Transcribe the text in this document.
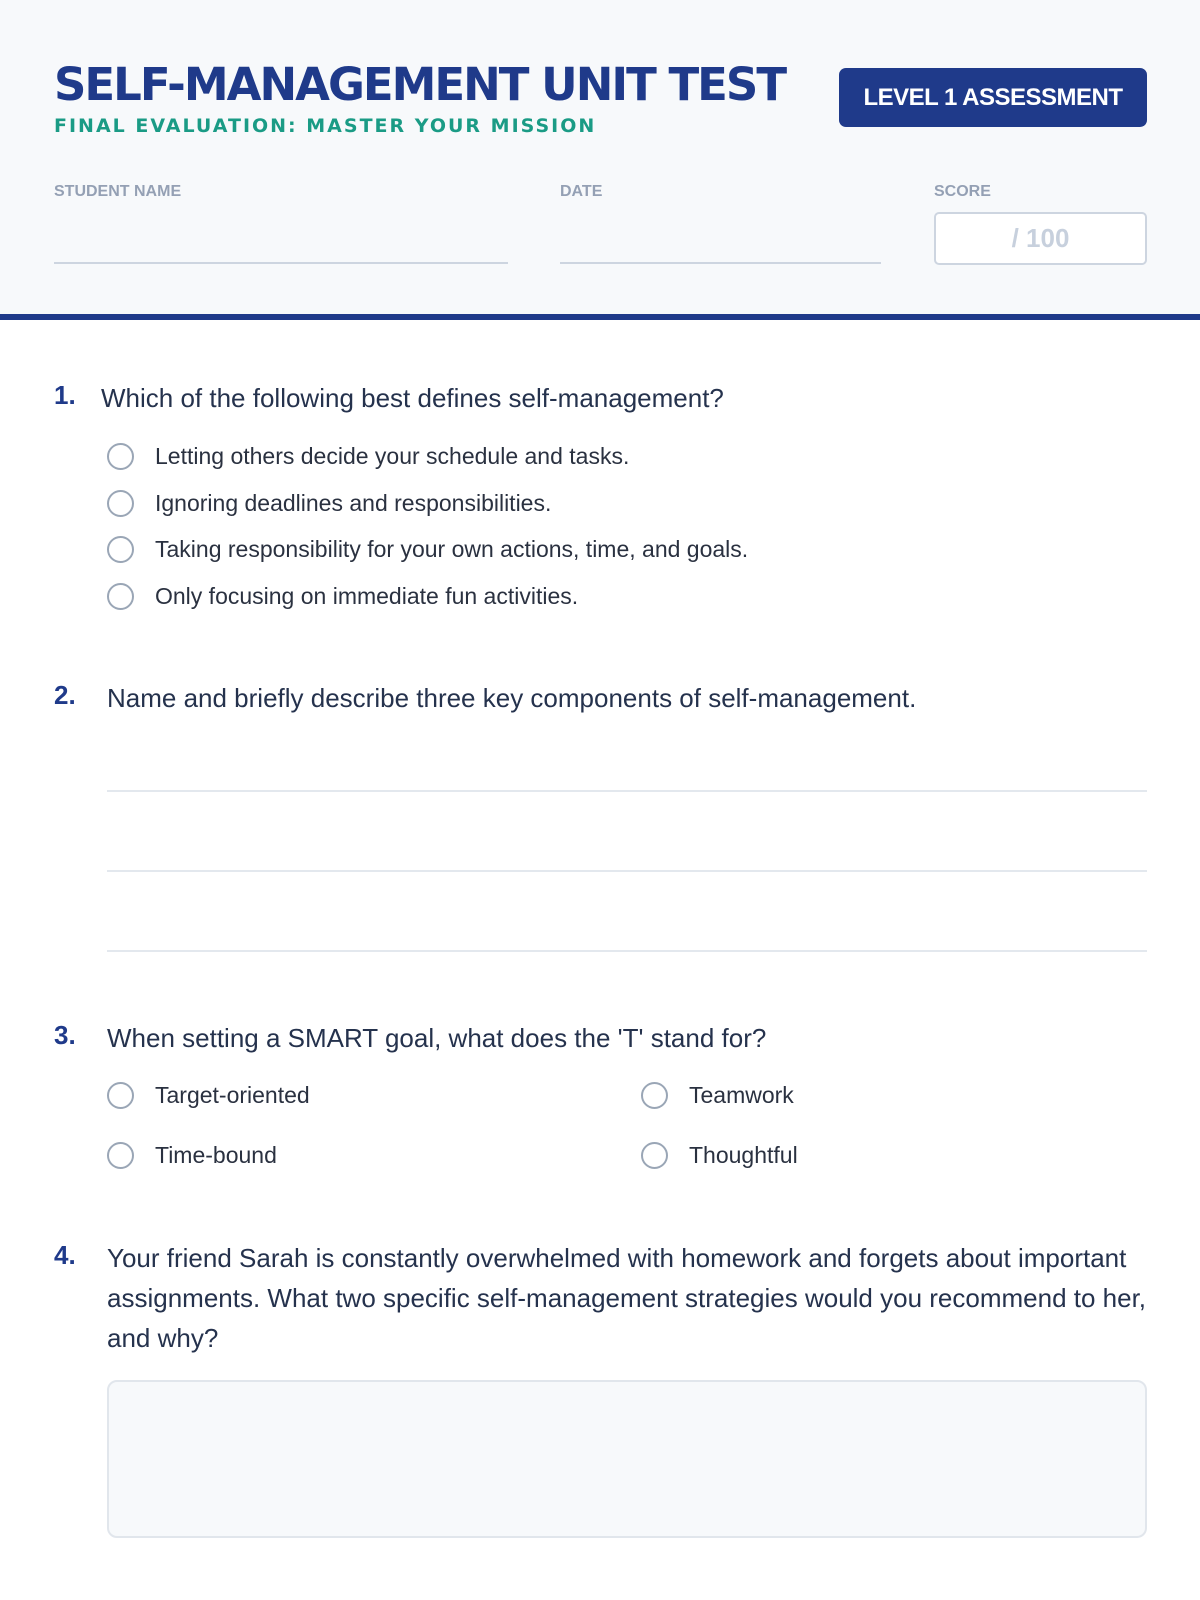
SELF-MANAGEMENT UNIT TEST
FINAL EVALUATION: MASTER YOUR MISSION
LEVEL 1 ASSESSMENT
STUDENT NAME	DATE	SCORE
/ 100
1. Which of the following best defines self-management?
Letting others decide your schedule and tasks.
Ignoring deadlines and responsibilities.
Taking responsibility for your own actions, time, and goals.
Only focusing on immediate fun activities.
2. Name and briefly describe three key components of self-management.
3. When setting a SMART goal, what does the 'T' stand for?
Target-oriented	Teamwork
Time-bound	Thoughtful
4. Your friend Sarah is constantly overwhelmed with homework and forgets about important assignments. What two specific self-management strategies would you recommend to her, and why?
